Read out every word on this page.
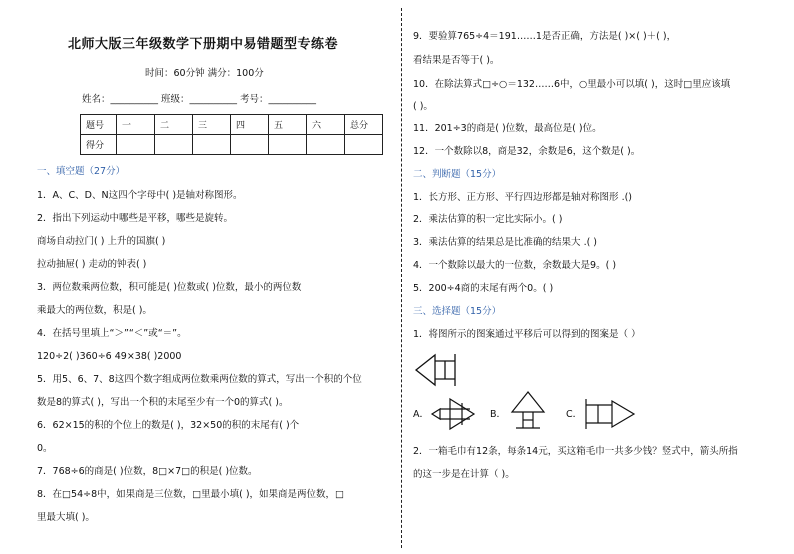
北师大版三年级数学下册期中易错题型专练卷
时间：60分钟 满分：100分
姓名：__________ 班级：__________ 考号：__________
题号	一	二	三	四	五	六	总分
得分							
一、填空题（27分）
1．A、C、D、N这四个字母中( )是轴对称图形。
2．指出下列运动中哪些是平移，哪些是旋转。
商场自动拉门( ) 上升的国旗( )
拉动抽屉( ) 走动的钟表( )
3．两位数乘两位数，积可能是( )位数或( )位数，最小的两位数
乘最大的两位数，积是( )。
4．在括号里填上“＞”“＜”或“＝”。
120÷2( )360÷6 49×38( )2000
5．用5、6、7、8这四个数字组成两位数乘两位数的算式，写出一个积的个位
数是8的算式( )，写出一个积的末尾至少有一个0的算式( )。
6．62×15的积的个位上的数是( )，32×50的积的末尾有( )个
0。
7．768÷6的商是( )位数，8□×7□的积是( )位数。
8．在□54÷8中，如果商是三位数，□里最小填( )，如果商是两位数，□
里最大填( )。
9．要验算765÷4＝191……1是否正确，方法是( )×( )＋( )，
看结果是否等于( )。
10．在除法算式□÷○＝132……6中，○里最小可以填( )，这时□里应该填
( )。
11．201÷3的商是( )位数，最高位是( )位。
12．一个数除以8，商是32，余数是6，这个数是( )。
二、判断题（15分）
1．长方形、正方形、平行四边形都是轴对称图形 .()
2．乘法估算的积一定比实际小。( )
3．乘法估算的结果总是比准确的结果大 .( )
4．一个数除以最大的一位数，余数最大是9。( )
5．200÷4商的末尾有两个0。( )
三、选择题（15分）
1．将图所示的图案通过平移后可以得到的图案是（ ）
A．	B．	C．
2．一箱毛巾有12条，每条14元，买这箱毛巾一共多少钱？竖式中，箭头所指
的这一步是在计算（ )。
